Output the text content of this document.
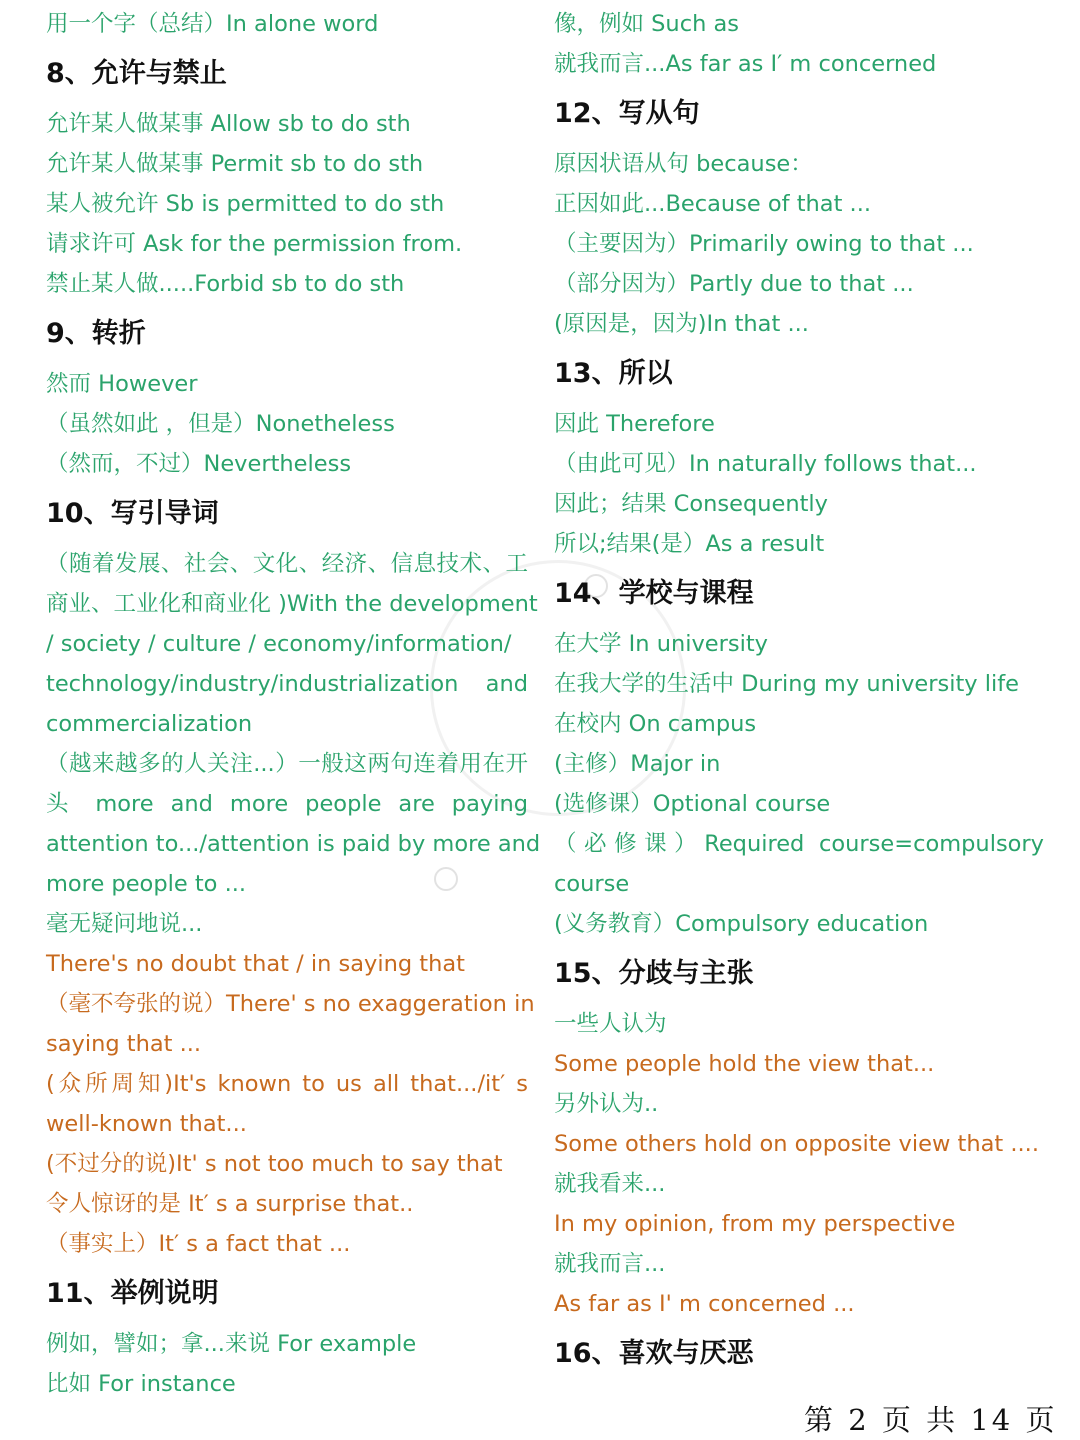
用一个字（总结）In alone word
8、允许与禁止
允许某人做某事 Allow sb to do sth
允许某人做某事 Permit sb to do sth
某人被允许 Sb is permitted to do sth
请求许可 Ask for the permission from.
禁止某人做.....Forbid sb to do sth
9、转折
然而 However
（虽然如此 ，但是）Nonetheless
（然而，不过）Nevertheless
10、写引导词
（随着发展、社会、文化、经济、信息技术、工
商业、工业化和商业化 )With the development
/ society / culture / economy/information/
technology/industry/industrialization and
commercialization
（越来越多的人关注...）一般这两句连着用在开
头 more and more people are paying
attention to.../attention is paid by more and
more people to ...
毫无疑问地说...
There's no doubt that / in saying that
（毫不夸张的说）There' s no exaggeration in
saying that ...
(众所周知)It's known to us all that.../it′ s
well-known that...
(不过分的说)It' s not too much to say that
令人惊讶的是 It′ s a surprise that..
（事实上）It′ s a fact that ...
11、举例说明
例如，譬如；拿...来说 For example
比如 For instance
像，例如 Such as
就我而言...As far as I′ m concerned
12、写从句
原因状语从句 because：
正因如此...Because of that ...
（主要因为）Primarily owing to that ...
（部分因为）Partly due to that ...
(原因是，因为)In that ...
13、所以
因此 Therefore
（由此可见）In naturally follows that...
因此；结果 Consequently
所以;结果(是）As a result
14、学校与课程
在大学 In university
在我大学的生活中 During my university life
在校内 On campus
(主修）Major in
(选修课）Optional course
（必修课）Required course=compulsory
course
(义务教育）Compulsory education
15、分歧与主张
一些人认为
Some people hold the view that...
另外认为..
Some others hold on opposite view that ....
就我看来...
In my opinion, from my perspective
就我而言...
As far as I' m concerned ...
16、喜欢与厌恶
第 2 页 共 14 页
